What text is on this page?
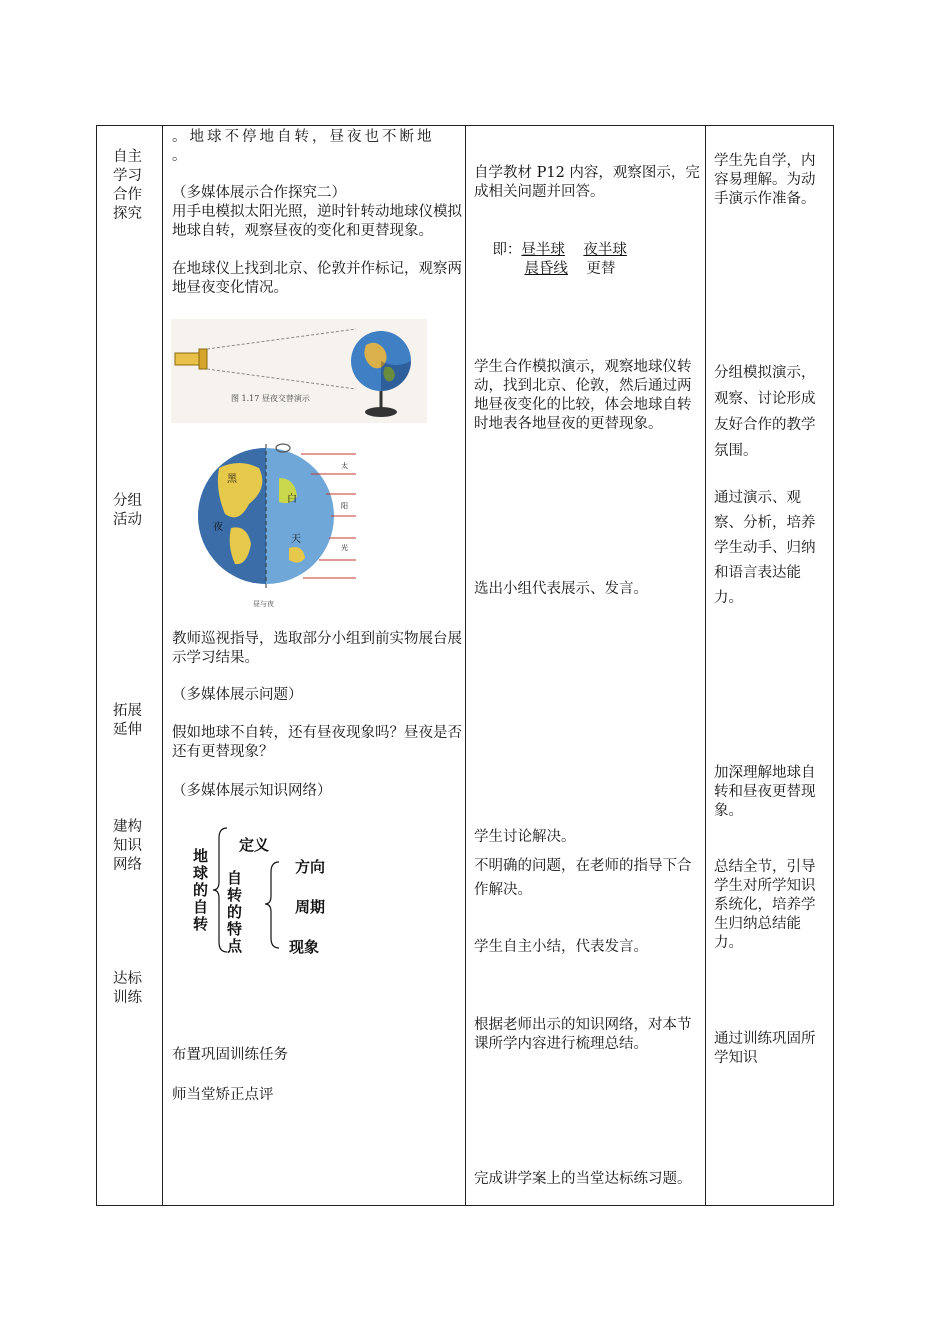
自主
学习
合作
探究
分组
活动
拓展
延伸
建构
知识
网络
达标
训练
。地球不停地自转，昼夜也不断地
。
（多媒体展示合作探究二）
用手电模拟太阳光照，逆时针转动地球仪模拟地球自转，观察昼夜的变化和更替现象。
在地球仪上找到北京、伦敦并作标记，观察两地昼夜变化情况。
图 1.17 昼夜交替演示
黑
夜
白
天
太
阳
光
昼与夜
教师巡视指导，选取部分小组到前实物展台展示学习结果。
（多媒体展示问题）
假如地球不自转，还有昼夜现象吗？昼夜是否还有更替现象？
（多媒体展示知识网络）
地球的自转
定义
自转的特点
方向
周期
现象
布置巩固训练任务
师当堂矫正点评
自学教材 P12 内容，观察图示，完成相关问题并回答。

即：昼半球 夜半球

晨昏线 更替

学生合作模拟演示，观察地球仪转动，找到北京、伦敦，然后通过两地昼夜变化的比较，体会地球自转时地表各地昼夜的更替现象。
选出小组代表展示、发言。
学生讨论解决。
不明确的问题，在老师的指导下合作解决。
学生自主小结，代表发言。
根据老师出示的知识网络，对本节课所学内容进行梳理总结。
完成讲学案上的当堂达标练习题。
学生先自学，内容易理解。为动手演示作准备。
分组模拟演示，观察、讨论形成友好合作的教学氛围。
通过演示、观察、分析，培养学生动手、归纳和语言表达能力。
加深理解地球自转和昼夜更替现象。
总结全节，引导学生对所学知识系统化，培养学生归纳总结能力。
通过训练巩固所学知识
